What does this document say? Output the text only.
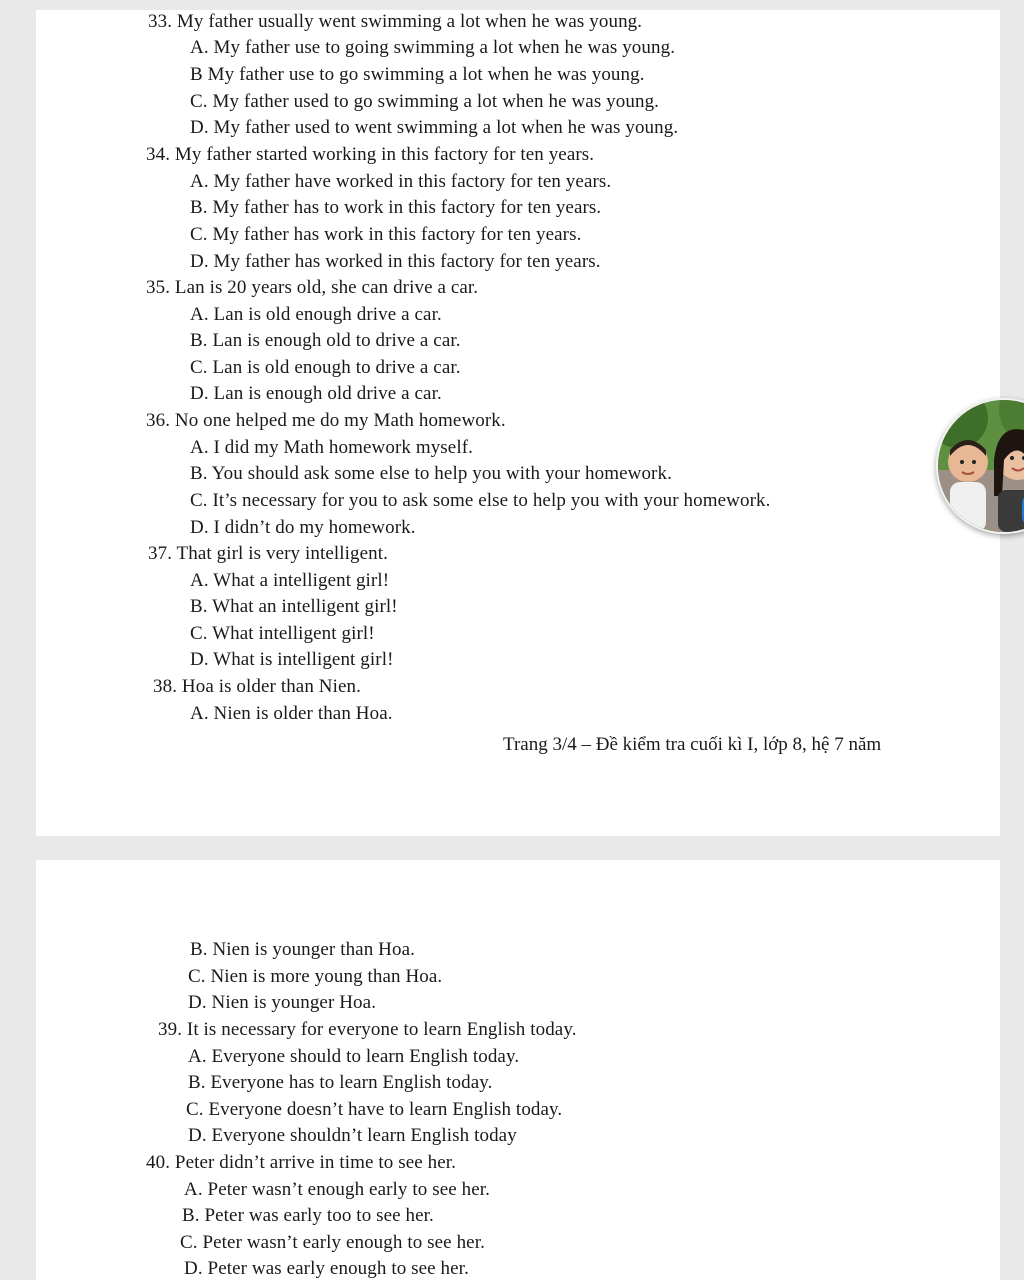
33. My father usually went swimming a lot when he was young.
A. My father use to going swimming a lot when he was young.
B My father use to go swimming a lot when he was young.
C. My father used to go swimming a lot when he was young.
D. My father used to went swimming a lot when he was young.
34. My father started working in this factory for ten years.
A. My father have worked in this factory for ten years.
B. My father has to work in this factory for ten years.
C. My father has work in this factory for ten years.
D. My father has worked in this factory for ten years.
35. Lan is 20 years old, she can drive a car.
A. Lan is old enough drive a car.
B. Lan is enough old to drive a car.
C. Lan is old enough to drive a car.
D. Lan is enough old drive a car.
36. No one helped me do my Math homework.
A. I did my Math homework myself.
B. You should ask some else to help you with your homework.
C. It’s necessary for you to ask some else to help you with your homework.
D. I didn’t do my homework.
37. That girl is very intelligent.
A. What a intelligent girl!
B. What an intelligent girl!
C. What intelligent girl!
D. What is intelligent girl!
38. Hoa is older than Nien.
A. Nien is older than Hoa.
Trang 3/4 – Đề kiểm tra cuối kì I, lớp 8, hệ 7 năm
B. Nien is younger than Hoa.
C. Nien is more young than Hoa.
D. Nien is younger Hoa.
39. It is necessary for everyone to learn English today.
A. Everyone should to learn English today.
B. Everyone has to learn English today.
C. Everyone doesn’t have to learn English today.
D. Everyone shouldn’t learn English today
40. Peter didn’t arrive in time to see her.
A. Peter wasn’t enough early to see her.
B. Peter was early too to see her.
C. Peter wasn’t early enough to see her.
D. Peter was early enough to see her.
